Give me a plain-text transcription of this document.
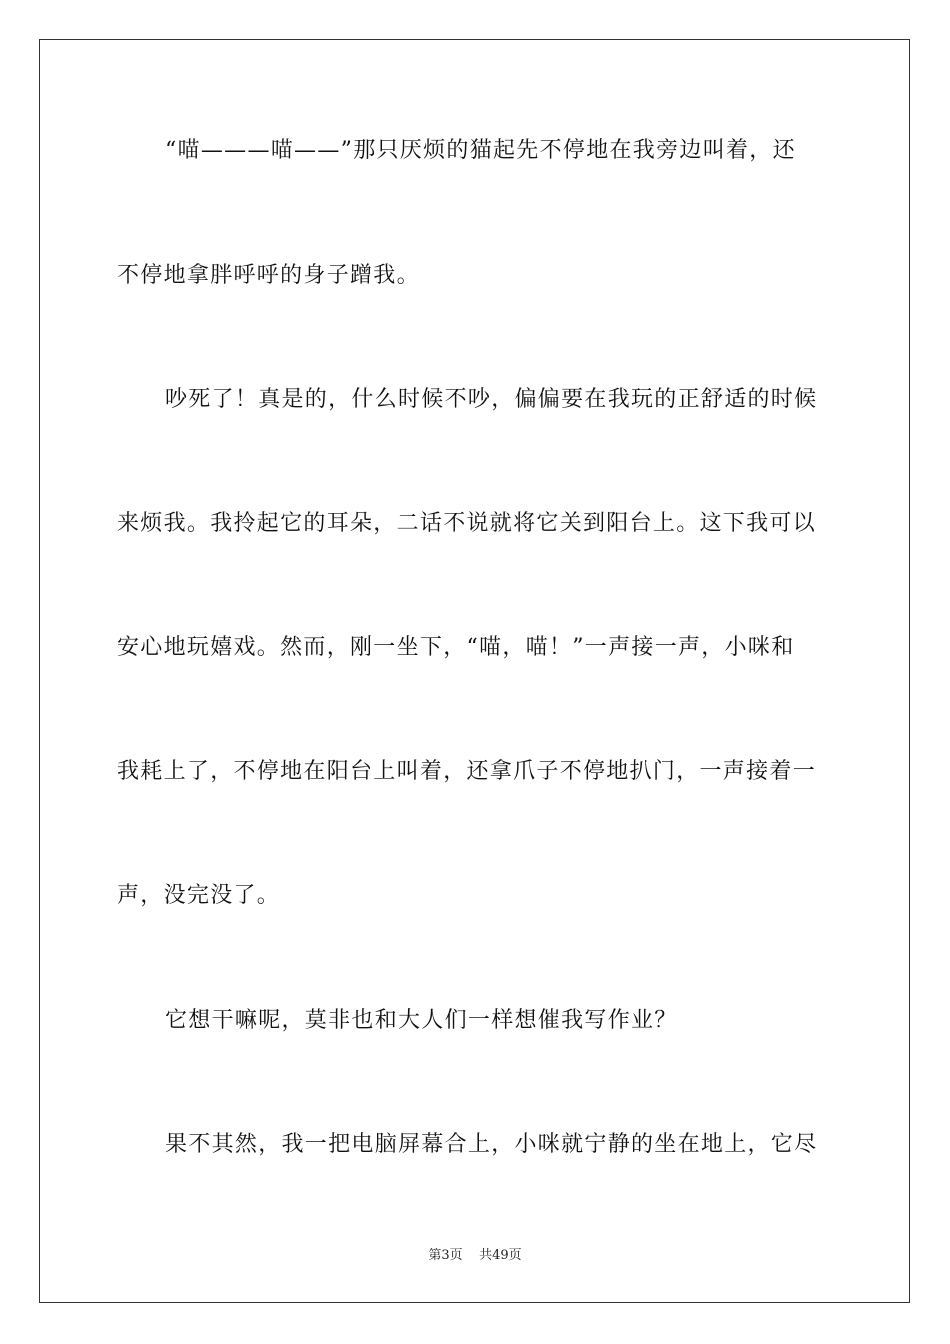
“喵———喵——”那只厌烦的猫起先不停地在我旁边叫着，还
不停地拿胖呼呼的身子蹭我。
吵死了！真是的，什么时候不吵，偏偏要在我玩的正舒适的时候
来烦我。我拎起它的耳朵，二话不说就将它关到阳台上。这下我可以
安心地玩嬉戏。然而，刚一坐下，“喵，喵！”一声接一声，小咪和
我耗上了，不停地在阳台上叫着，还拿爪子不停地扒门，一声接着一
声，没完没了。
它想干嘛呢，莫非也和大人们一样想催我写作业？
果不其然，我一把电脑屏幕合上，小咪就宁静的坐在地上，它尽
第3页 共49页
